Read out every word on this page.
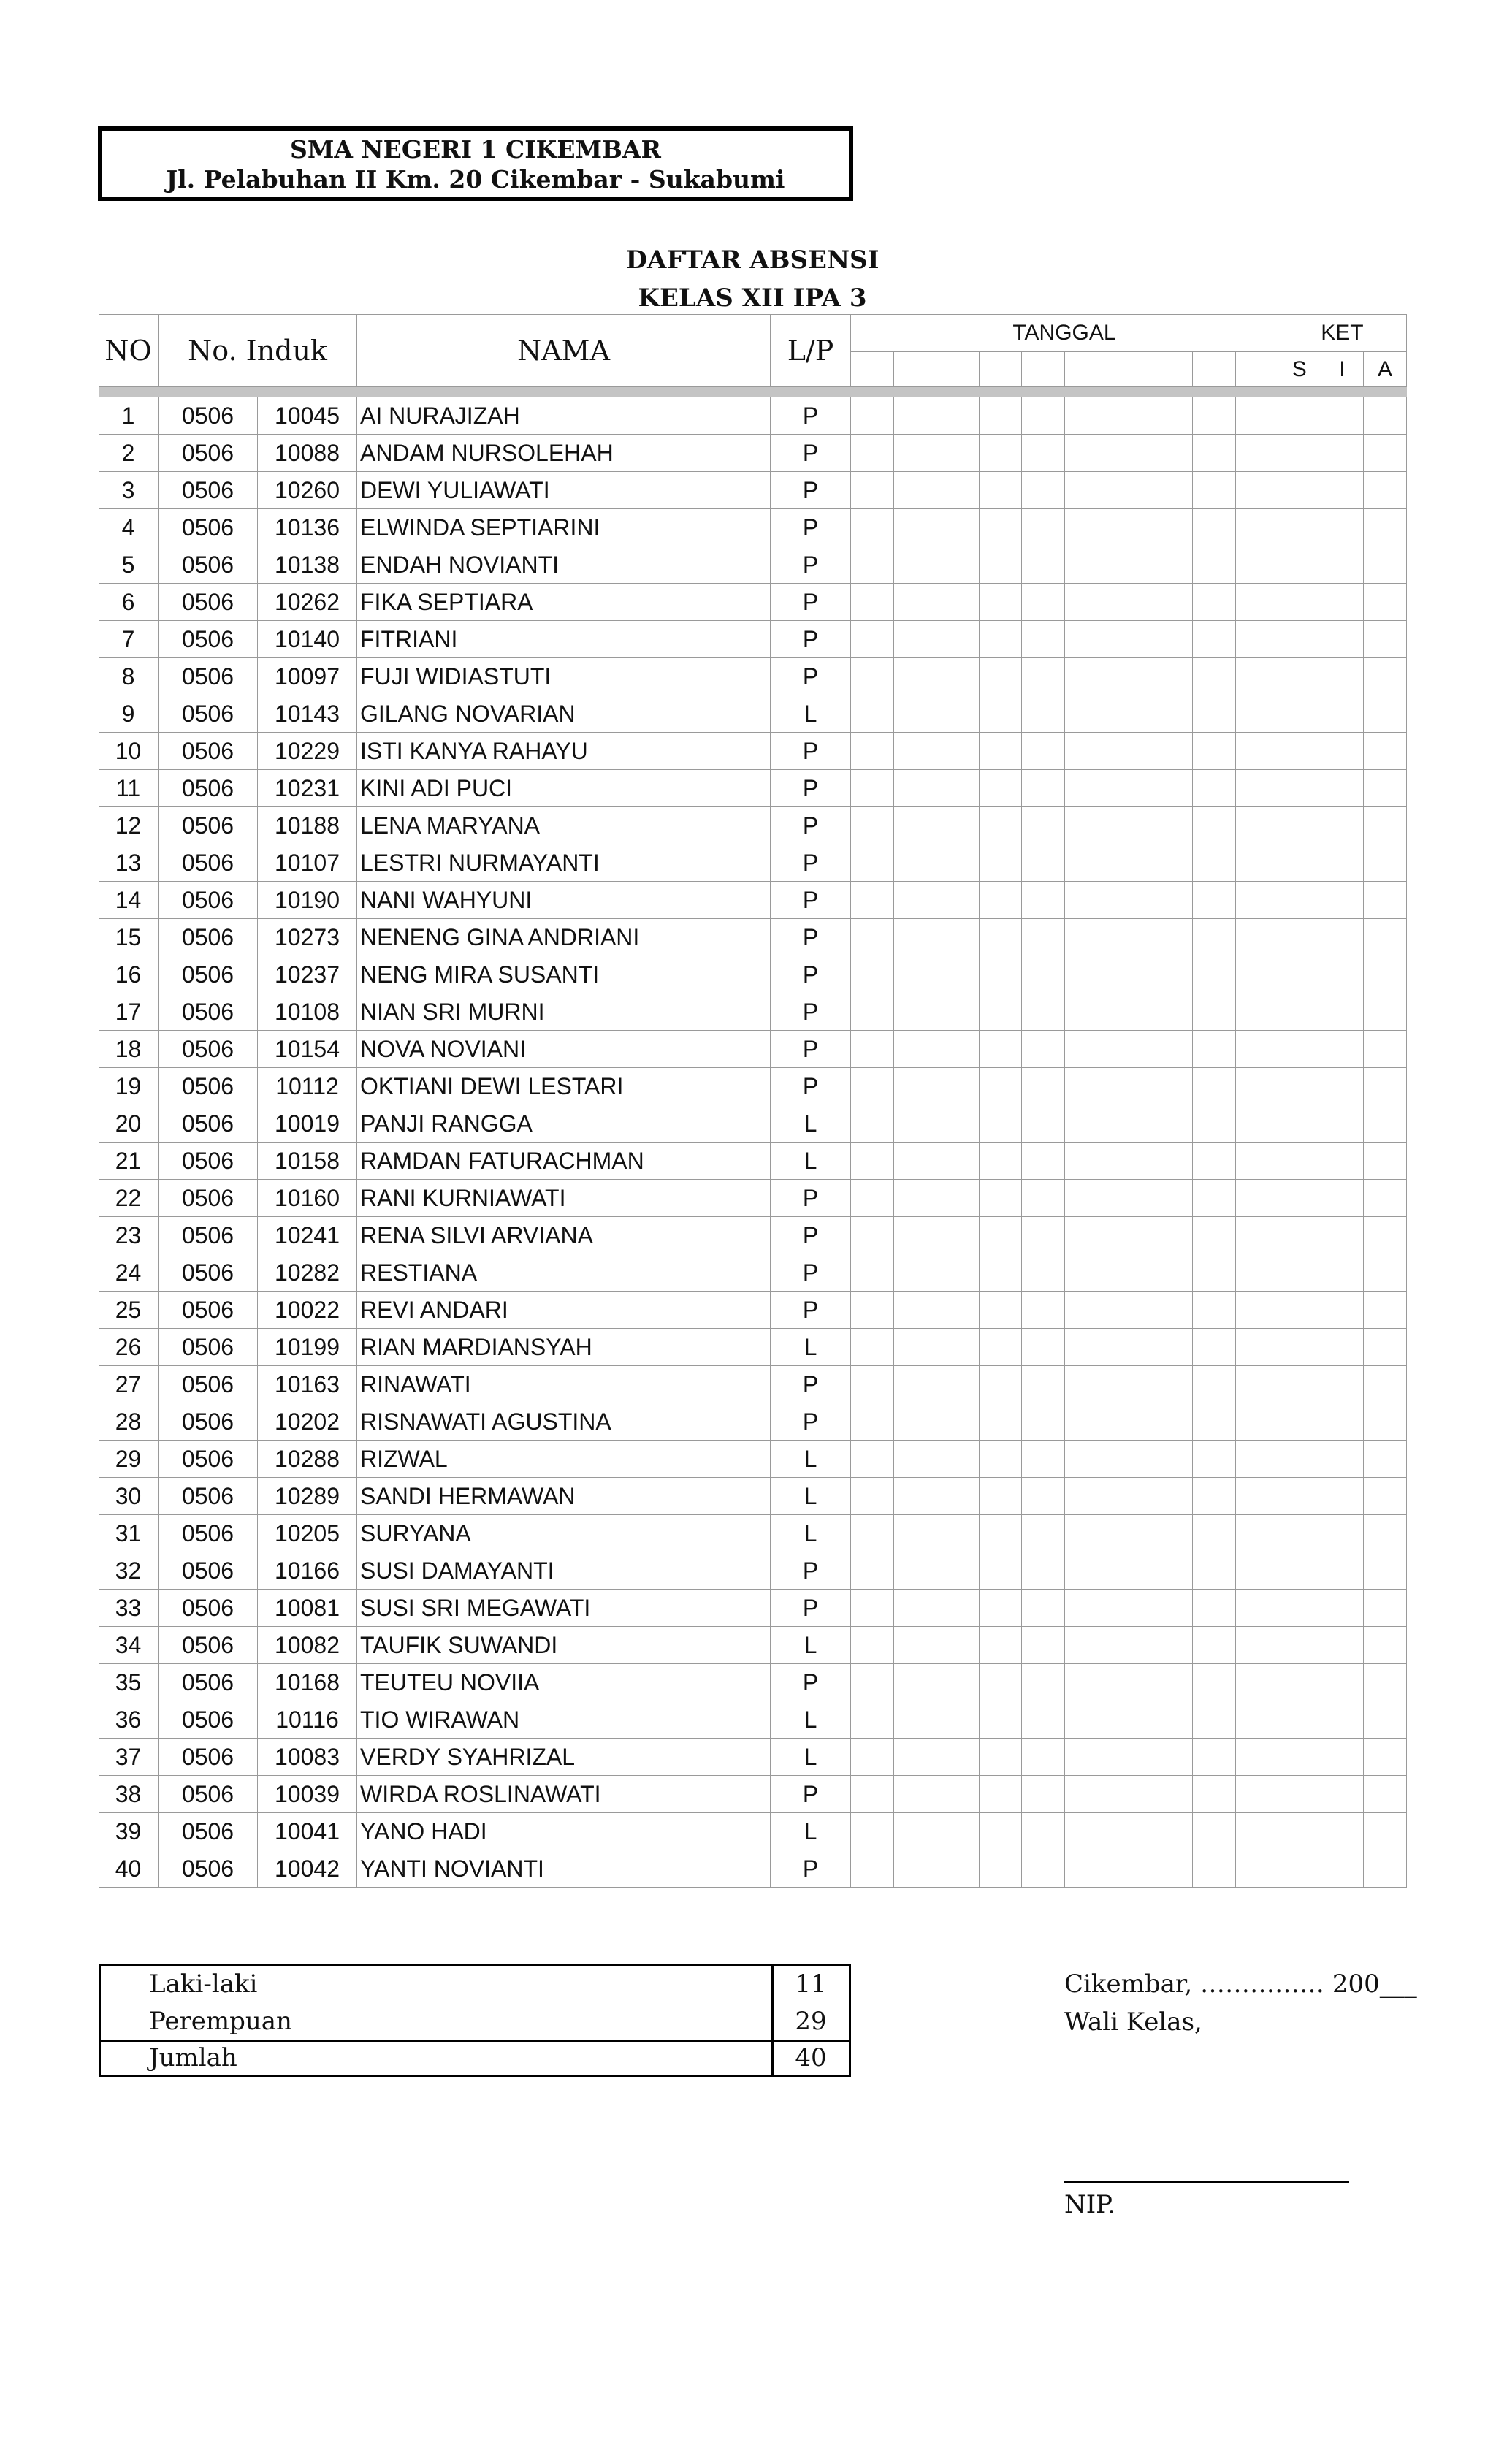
SMA NEGERI 1 CIKEMBAR
Jl. Pelabuhan II Km. 20 Cikembar - Sukabumi
DAFTAR ABSENSI
KELAS XII IPA 3
NO	No. Induk	NAMA	L/P
TANGGAL	KET
S	I	A
1	0506	10045 AI NURAJIZAH	P
2	0506	10088 ANDAM NURSOLEHAH	P
3	0506	10260 DEWI YULIAWATI	P
4	0506	10136 ELWINDA SEPTIARINI	P
5	0506	10138 ENDAH NOVIANTI	P
6	0506	10262 FIKA SEPTIARA	P
7	0506	10140 FITRIANI	P
8	0506	10097 FUJI WIDIASTUTI	P
9	0506	10143 GILANG NOVARIAN	L
10	0506	10229 ISTI KANYA RAHAYU	P
11	0506	10231 KINI ADI PUCI	P
12	0506	10188 LENA MARYANA	P
13	0506	10107 LESTRI NURMAYANTI	P
14	0506	10190 NANI WAHYUNI	P
15	0506	10273 NENENG GINA ANDRIANI	P
16	0506	10237 NENG MIRA SUSANTI	P
17	0506	10108 NIAN SRI MURNI	P
18	0506	10154 NOVA NOVIANI	P
19	0506	10112 OKTIANI DEWI LESTARI	P
20	0506	10019 PANJI RANGGA	L
21	0506	10158 RAMDAN FATURACHMAN	L
22	0506	10160 RANI KURNIAWATI	P
23	0506	10241 RENA SILVI ARVIANA	P
24	0506	10282 RESTIANA	P
25	0506	10022 REVI ANDARI	P
26	0506	10199 RIAN MARDIANSYAH	L
27	0506	10163 RINAWATI	P
28	0506	10202 RISNAWATI AGUSTINA	P
29	0506	10288 RIZWAL	L
30	0506	10289 SANDI HERMAWAN	L
31	0506	10205 SURYANA	L
32	0506	10166 SUSI DAMAYANTI	P
33	0506	10081 SUSI SRI MEGAWATI	P
34	0506	10082 TAUFIK SUWANDI	L
35	0506	10168 TEUTEU NOVIIA	P
36	0506	10116 TIO WIRAWAN	L
37	0506	10083 VERDY SYAHRIZAL	L
38	0506	10039 WIRDA ROSLINAWATI	P
39	0506	10041 YANO HADI	L
40	0506	10042 YANTI NOVIANTI	P
Laki-laki	11
Perempuan	29
Jumlah	40
Cikembar, …………… 200___
Wali Kelas,
NIP.
